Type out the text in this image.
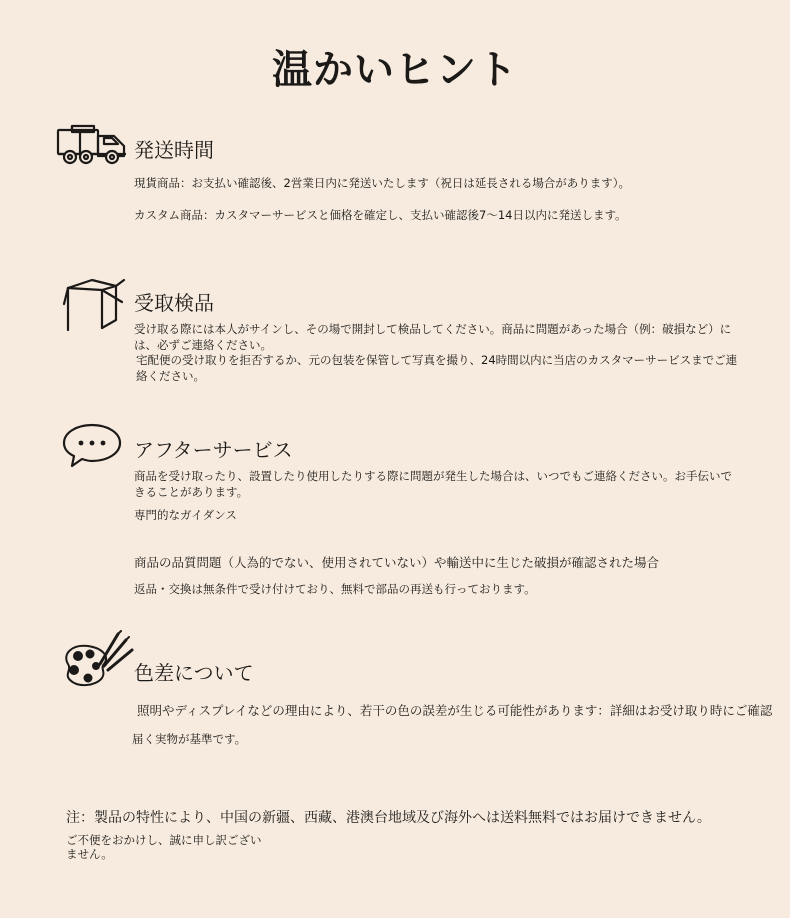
温かいヒント
発送時間
現貨商品：お支払い確認後、2営業日内に発送いたします（祝日は延長される場合があります）。
カスタム商品：カスタマーサービスと価格を確定し、支払い確認後7〜14日以内に発送します。
受取検品
受け取る際には本人がサインし、その場で開封して検品してください。商品に問題があった場合（例：破損など）には、必ずご連絡ください。
宅配便の受け取りを拒否するか、元の包装を保管して写真を撮り、24時間以内に当店のカスタマーサービスまでご連絡ください。
アフターサービス
商品を受け取ったり、設置したり使用したりする際に問題が発生した場合は、いつでもご連絡ください。お手伝いできることがあります。
専門的なガイダンス
商品の品質問題（人為的でない、使用されていない）や輸送中に生じた破損が確認された場合
返品・交換は無条件で受け付けており、無料で部品の再送も行っております。
色差について
照明やディスプレイなどの理由により、若干の色の誤差が生じる可能性があります：詳細はお受け取り時にご確認
届く実物が基準です。
注：製品の特性により、中国の新疆、西藏、港澳台地域及び海外へは送料無料ではお届けできません。
ご不便をおかけし、誠に申し訳ございません。
